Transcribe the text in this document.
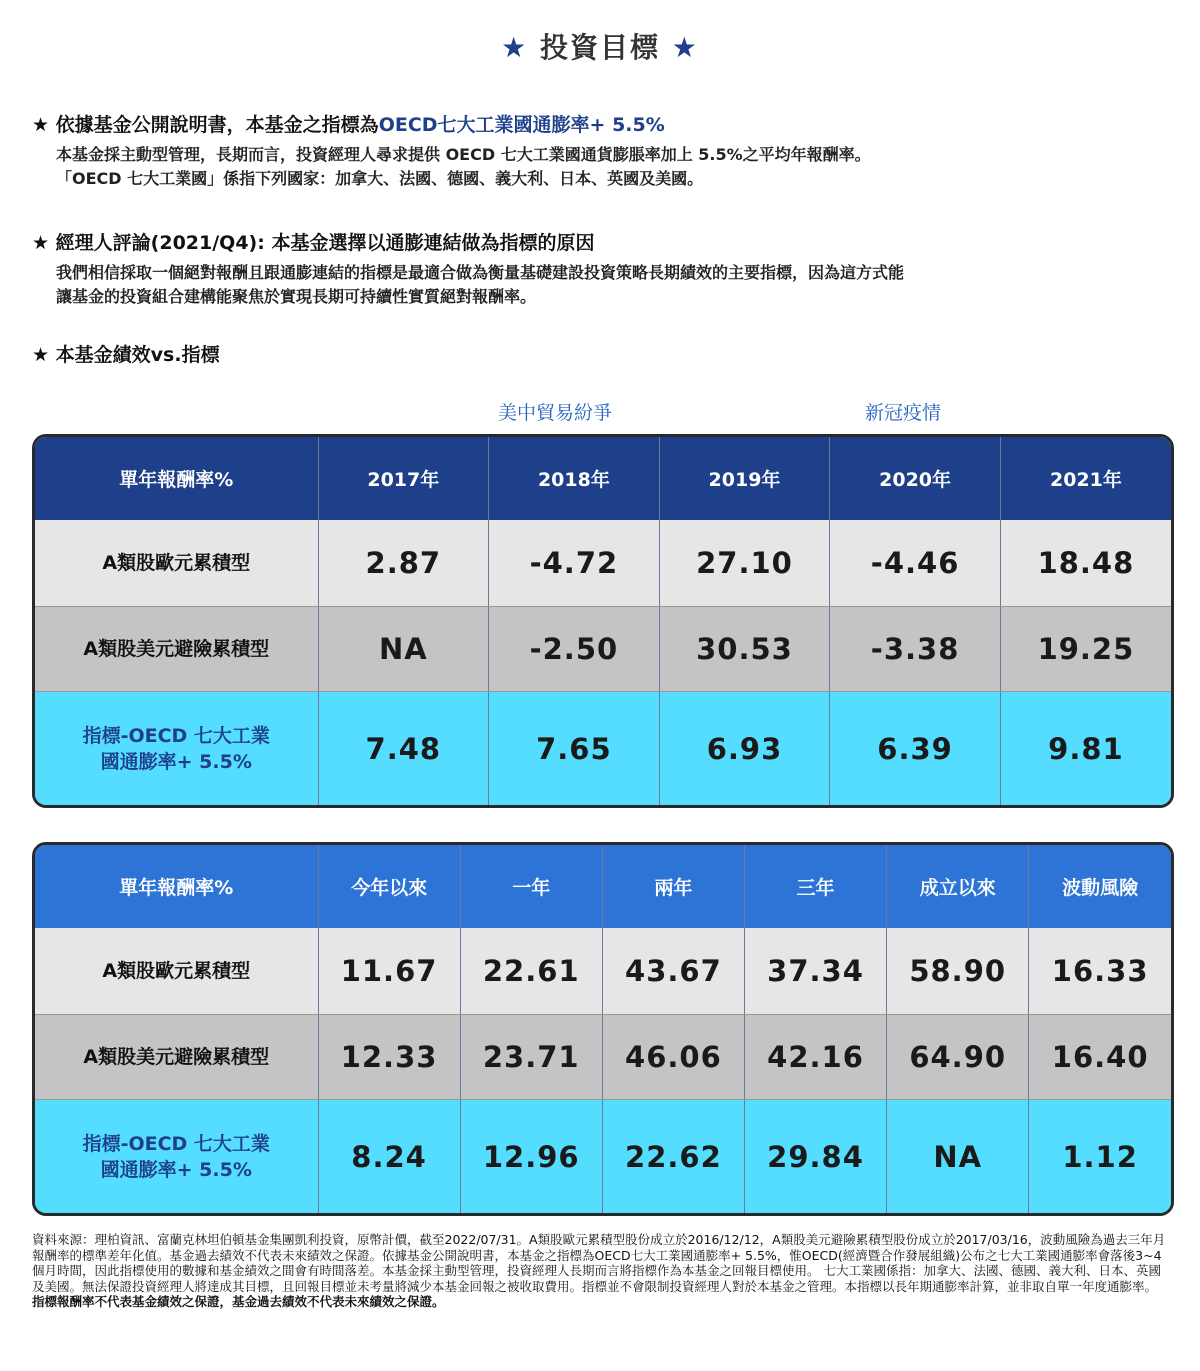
★ 投資目標 ★
★ 依據基金公開說明書，本基金之指標為OECD七大工業國通膨率+ 5.5%

本基金採主動型管理，長期而言，投資經理人尋求提供 OECD 七大工業國通貨膨脹率加上 5.5%之平均年報酬率。
「OECD 七大工業國」係指下列國家：加拿大、法國、德國、義大利、日本、英國及美國。

★ 經理人評論(2021/Q4): 本基金選擇以通膨連結做為指標的原因

我們相信採取一個絕對報酬且跟通膨連結的指標是最適合做為衡量基礎建設投資策略長期績效的主要指標，因為這方式能
讓基金的投資組合建構能聚焦於實現長期可持續性實質絕對報酬率。

★ 本基金績效vs.指標
美中貿易紛爭	新冠疫情
單年報酬率%	2017年	2018年	2019年	2020年	2021年
A類股歐元累積型	2.87	-4.72	27.10	-4.46	18.48
A類股美元避險累積型	NA	-2.50	30.53	-3.38	19.25
指標-OECD 七大工業
國通膨率+ 5.5%	7.48	7.65	6.93	6.39	9.81
單年報酬率%	今年以來	一年	兩年	三年	成立以來	波動風險
A類股歐元累積型	11.67	22.61	43.67	37.34	58.90	16.33
A類股美元避險累積型	12.33	23.71	46.06	42.16	64.90	16.40
指標-OECD 七大工業
國通膨率+ 5.5%	8.24	12.96	22.62	29.84	NA	1.12
資料來源：理柏資訊、富蘭克林坦伯頓基金集團凱利投資，原幣計價，截至2022/07/31。A類股歐元累積型股份成立於2016/12/12，A類股美元避險累積型股份成立於2017/03/16，波動風險為過去三年月報酬率的標準差年化值。基金過去績效不代表未來績效之保證。依據基金公開說明書，本基金之指標為OECD七大工業國通膨率+ 5.5%，惟OECD(經濟暨合作發展組織)公布之七大工業國通膨率會落後3~4個月時間，因此指標使用的數據和基金績效之間會有時間落差。本基金採主動型管理，投資經理人長期而言將指標作為本基金之回報目標使用。 七大工業國係指：加拿大、法國、德國、義大利、日本、英國及美國。無法保證投資經理人將達成其目標，且回報目標並未考量將減少本基金回報之被收取費用。指標並不會限制投資經理人對於本基金之管理。本指標以長年期通膨率計算，並非取自單一年度通膨率。
指標報酬率不代表基金績效之保證，基金過去績效不代表未來績效之保證。
